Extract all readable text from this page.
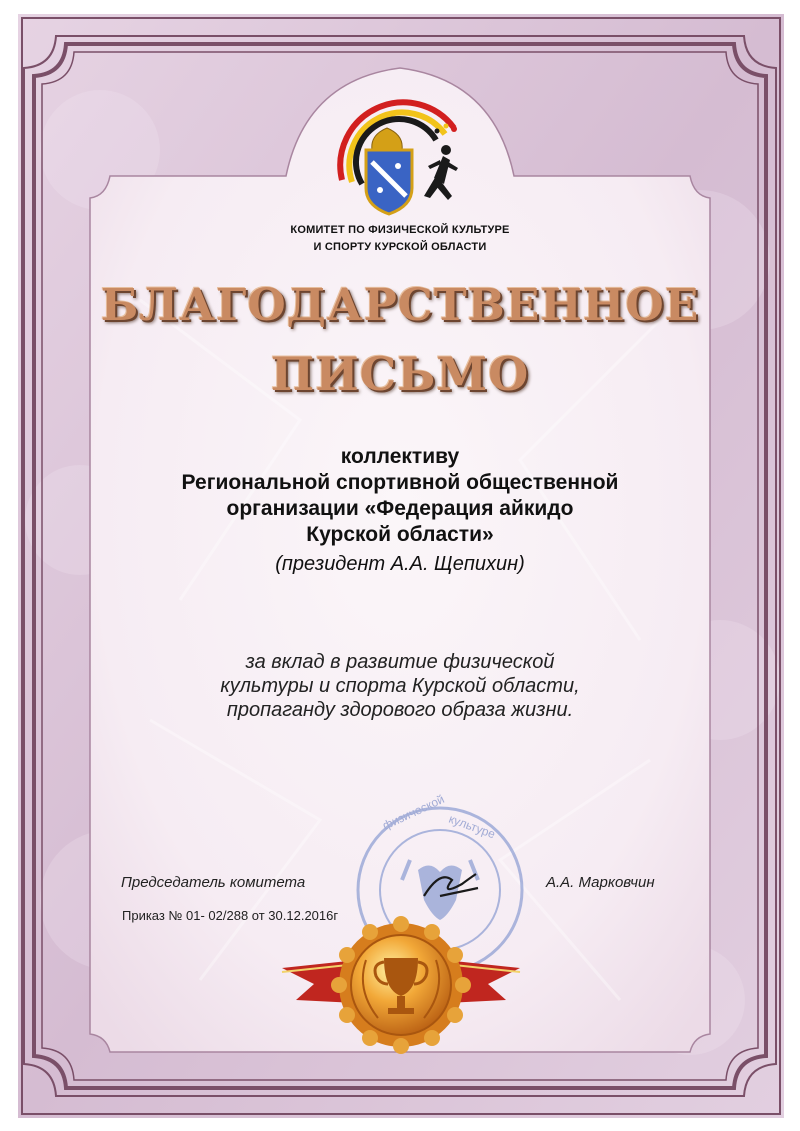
физической культуре
КОМИТЕТ ПО ФИЗИЧЕСКОЙ КУЛЬТУРЕ
И СПОРТУ КУРСКОЙ ОБЛАСТИ
БЛАГОДАРСТВЕННОЕ
ПИСЬМО
коллективу
Региональной спортивной общественной
организации «Федерация айкидо
Курской области»
(президент А.А. Щепихин)
за вклад в развитие физической
культуры и спорта Курской области,
пропаганду здорового образа жизни.
Председатель комитета	А.А. Марковчин
Приказ № 01- 02/288 от 30.12.2016г
